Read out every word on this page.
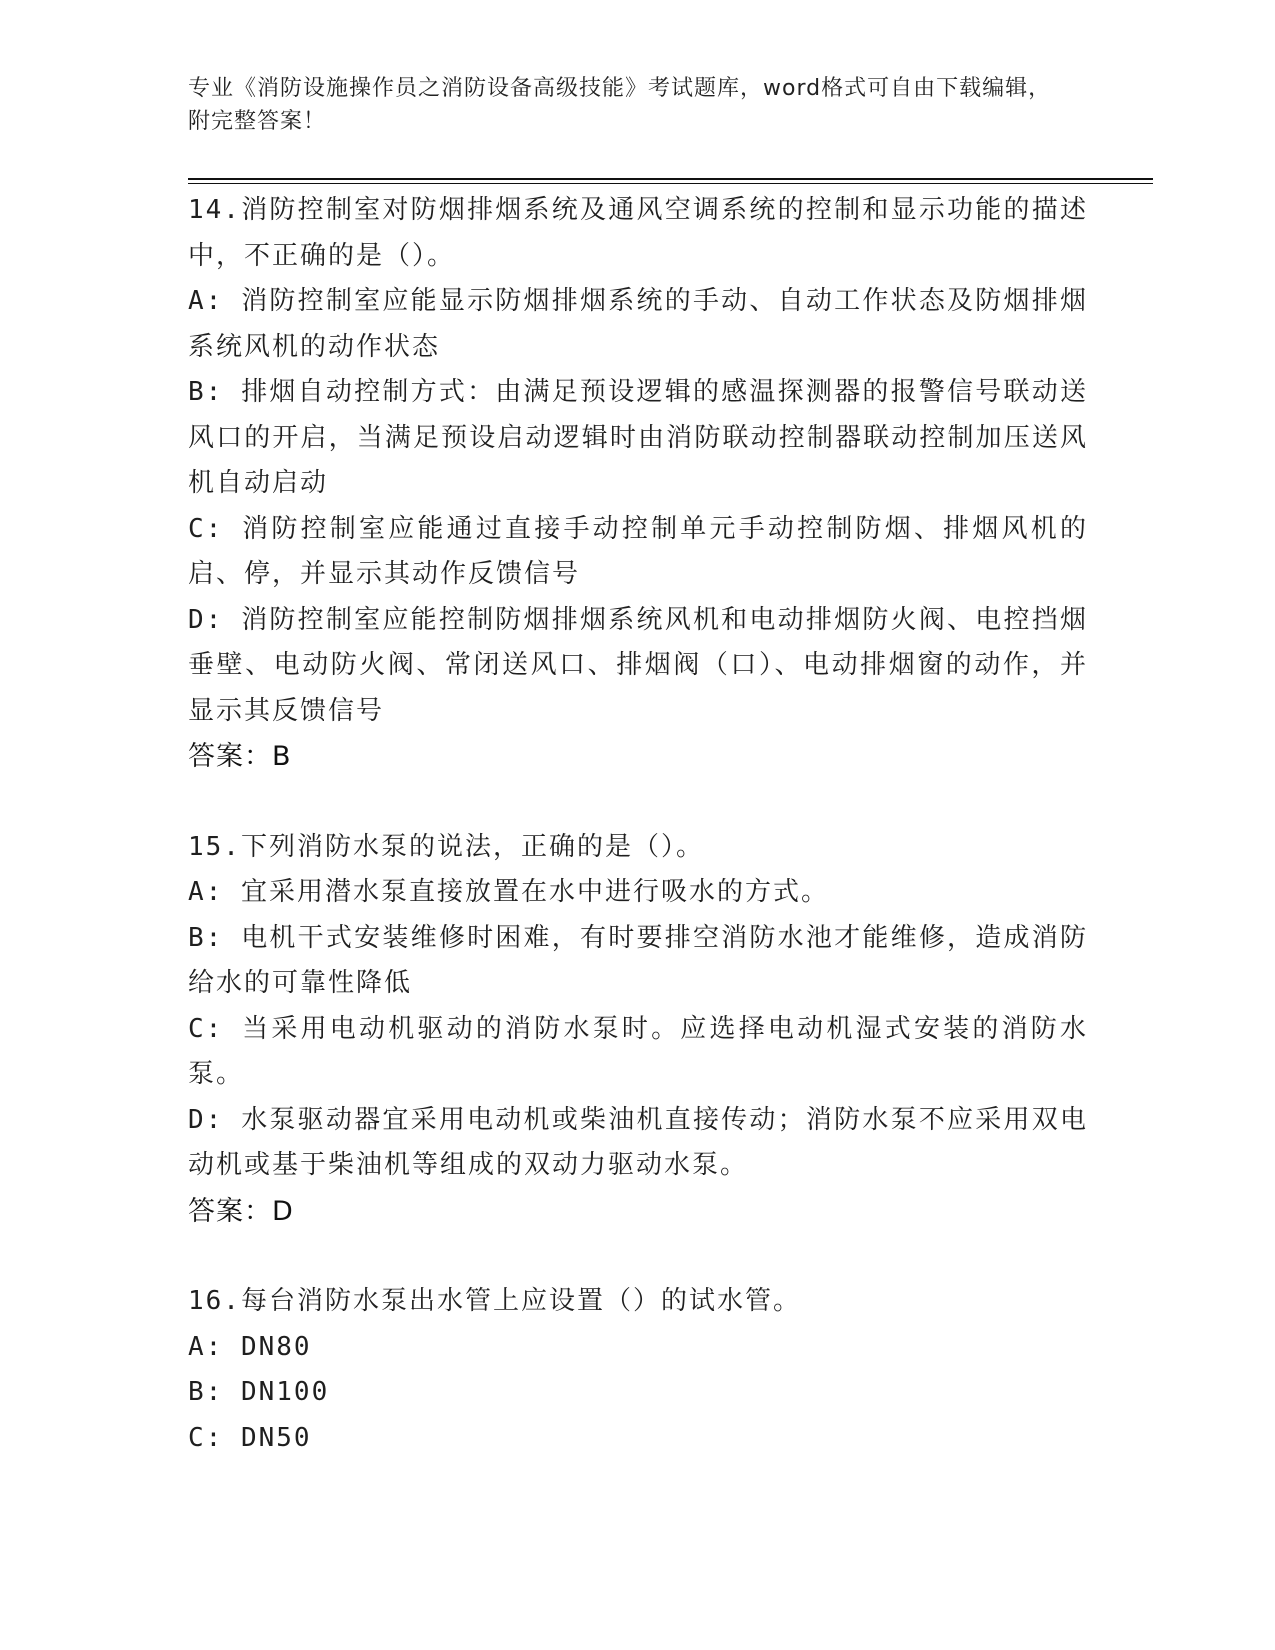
专业《消防设施操作员之消防设备高级技能》考试题库，word格式可自由下载编辑，附完整答案！

14.消防控制室对防烟排烟系统及通风空调系统的控制和显示功能的描述中，不正确的是（）。

A: 消防控制室应能显示防烟排烟系统的手动、自动工作状态及防烟排烟系统风机的动作状态

B: 排烟自动控制方式：由满足预设逻辑的感温探测器的报警信号联动送风口的开启，当满足预设启动逻辑时由消防联动控制器联动控制加压送风机自动启动

C: 消防控制室应能通过直接手动控制单元手动控制防烟、排烟风机的启、停，并显示其动作反馈信号

D: 消防控制室应能控制防烟排烟系统风机和电动排烟防火阀、电控挡烟垂壁、电动防火阀、常闭送风口、排烟阀（口）、电动排烟窗的动作，并显示其反馈信号

答案：B

15.下列消防水泵的说法，正确的是（）。

A: 宜采用潜水泵直接放置在水中进行吸水的方式。

B: 电机干式安装维修时困难，有时要排空消防水池才能维修，造成消防给水的可靠性降低

C: 当采用电动机驱动的消防水泵时。应选择电动机湿式安装的消防水泵。

D: 水泵驱动器宜采用电动机或柴油机直接传动；消防水泵不应采用双电动机或基于柴油机等组成的双动力驱动水泵。

答案：D

16.每台消防水泵出水管上应设置（）的试水管。

A: DN80

B: DN100

C: DN50
